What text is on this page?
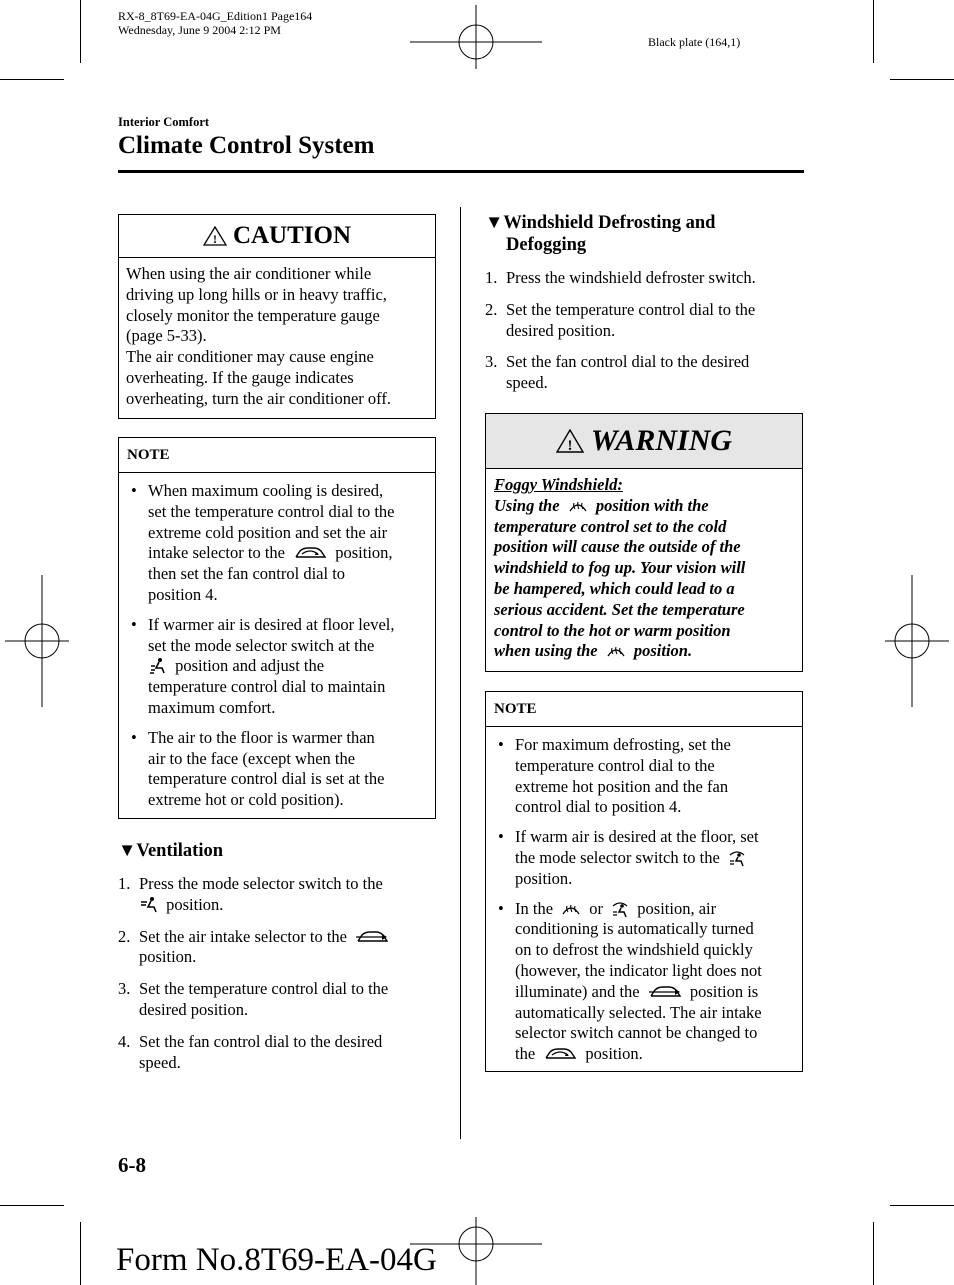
RX-8_8T69-EA-04G_Edition1 Page164
Wednesday, June 9 2004 2:12 PM
Black plate (164,1)
Interior Comfort
Climate Control System
! CAUTION
When using the air conditioner while
driving up long hills or in heavy traffic,
closely monitor the temperature gauge
(page 5-33).
The air conditioner may cause engine
overheating. If the gauge indicates
overheating, turn the air conditioner off.
NOTE
• When maximum cooling is desired,
set the temperature control dial to the
extreme cold position and set the air
intake selector to the	position,
then set the fan control dial to
position 4.
• If warmer air is desired at floor level,
set the mode selector switch at the
position and adjust the
temperature control dial to maintain
maximum comfort.
• The air to the floor is warmer than
air to the face (except when the
temperature control dial is set at the
extreme hot or cold position).
▼Ventilation
1. Press the mode selector switch to the
position.
2. Set the air intake selector to the
position.
3. Set the temperature control dial to the
desired position.
4. Set the fan control dial to the desired
speed.
▼Windshield Defrosting and
Defogging
1. Press the windshield defroster switch.
2. Set the temperature control dial to the
desired position.
3. Set the fan control dial to the desired
speed.
! WARNING
Foggy Windshield:
Using the position with the
temperature control set to the cold
position will cause the outside of the
windshield to fog up. Your vision will
be hampered, which could lead to a
serious accident. Set the temperature
control to the hot or warm position
when using the position.
NOTE
• For maximum defrosting, set the
temperature control dial to the
extreme hot position and the fan
control dial to position 4.
• If warm air is desired at the floor, set
the mode selector switch to the
position.
• In the or position, air
conditioning is automatically turned
on to defrost the windshield quickly
(however, the indicator light does not
illuminate) and the	position is
automatically selected. The air intake
selector switch cannot be changed to
the	position.
6-8
Form No.8T69-EA-04G
